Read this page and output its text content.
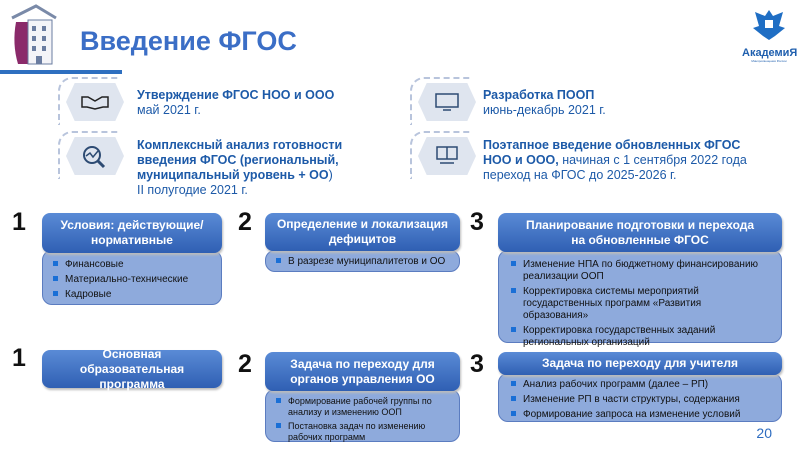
Введение ФГОС	АкадемиЯ
Минпросвещения России
Утверждение ФГОС НОО и ООО
май 2021 г.
Комплексный анализ готовности введения ФГОС (региональный, муниципальный уровень + ОО)
II полугодие 2021 г.
Разработка ПООП
июнь-декабрь 2021 г.
Поэтапное введение обновленных ФГОС НОО и ООО, начиная с 1 сентября 2022 года переход на ФГОС до 2025-2026 г.
1	Условия: действующие/нормативные
Финансовые
Материально-технические
Кадровые
2	Определение и локализация дефицитов
В разрезе муниципалитетов и ОО
3	Планирование подготовки и перехода на обновленные ФГОС
Изменение НПА по бюджетному финансированию реализации ООП
Корректировка системы мероприятий государственных программ «Развития образования»
Корректировка государственных заданий региональных организаций
1	Основная образовательная программа
2	Задача по переходу для органов управления ОО
Формирование рабочей группы по анализу и изменению ООП
Постановка задач по изменению рабочих программ
3	Задача по переходу для учителя
Анализ рабочих программ (далее – РП)
Изменение РП в части структуры, содержания
Формирование запроса на изменение условий
20
